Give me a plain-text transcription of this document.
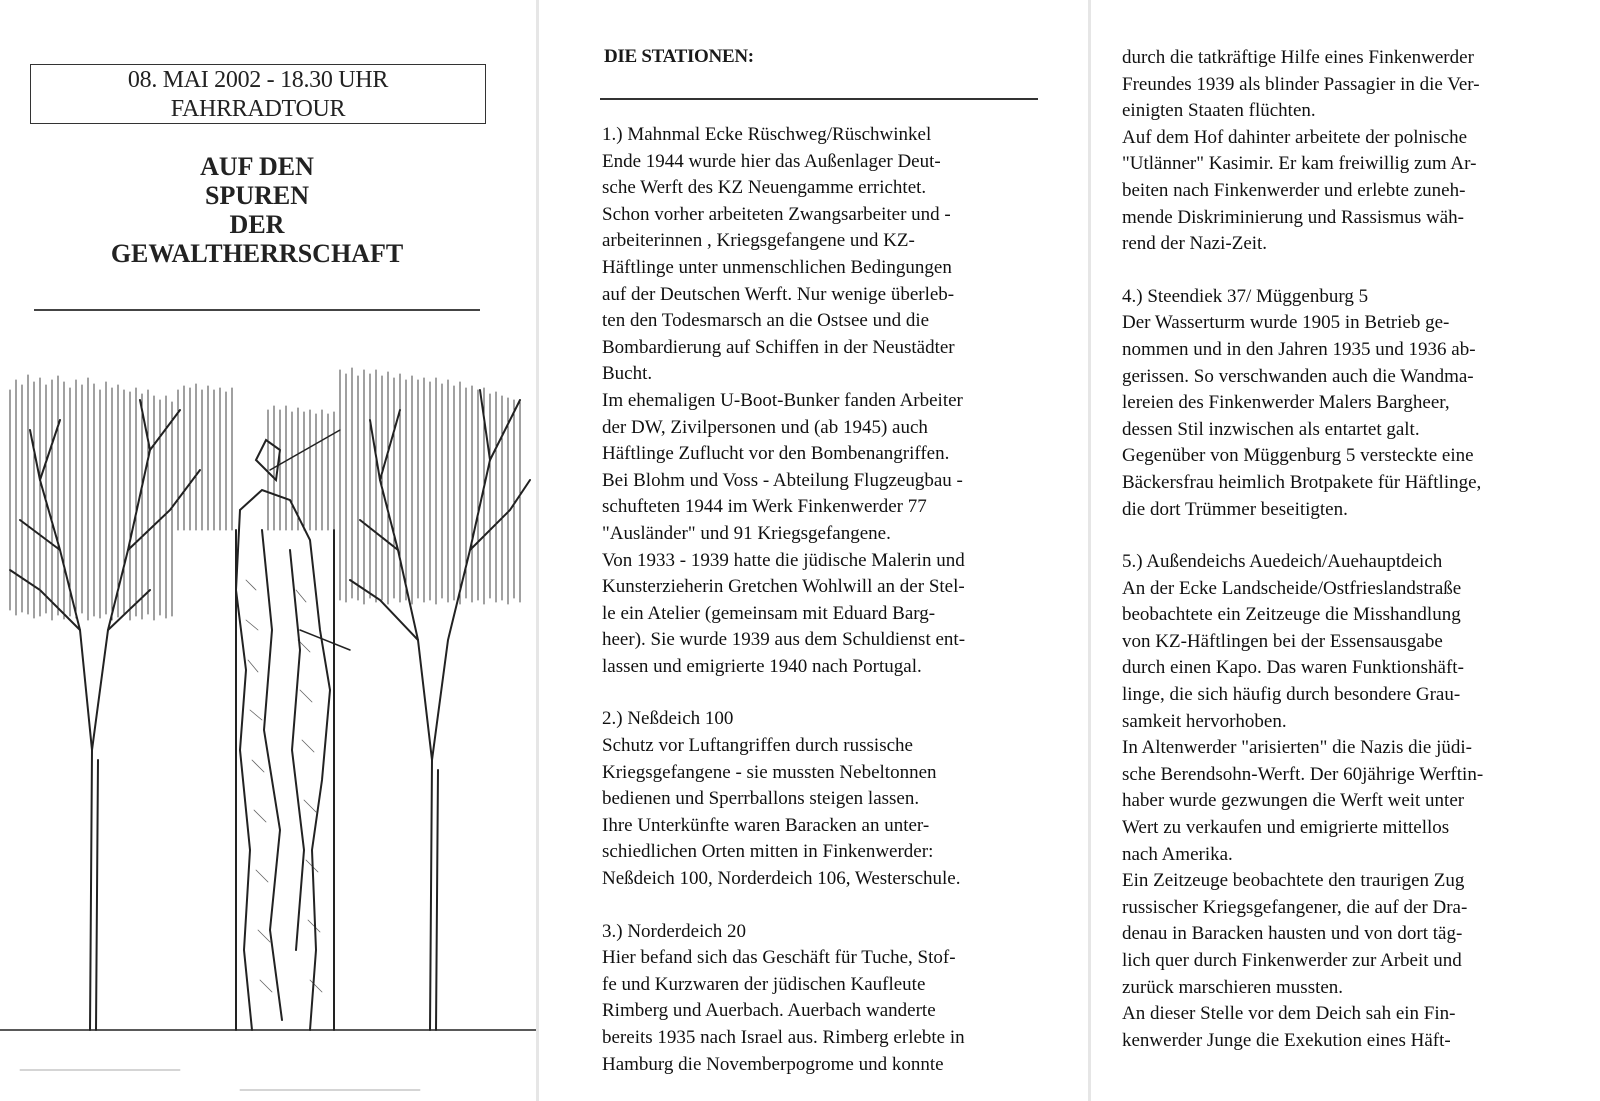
08. MAI 2002 - 18.30 UHR
FAHRRADTOUR
AUF DEN
SPUREN
DER
GEWALTHERRSCHAFT
DIE STATIONEN:

1.) Mahnmal Ecke Rüschweg/Rüschwinkel
Ende 1944 wurde hier das Außenlager Deut-
sche Werft des KZ Neuengamme errichtet.
Schon vorher arbeiteten Zwangsarbeiter und -
arbeiterinnen , Kriegsgefangene und KZ-
Häftlinge unter unmenschlichen Bedingungen
auf der Deutschen Werft. Nur wenige überleb-
ten den Todesmarsch an die Ostsee und die
Bombardierung auf Schiffen in der Neustädter
Bucht.
Im ehemaligen U-Boot-Bunker fanden Arbeiter
der DW, Zivilpersonen und (ab 1945) auch
Häftlinge Zuflucht vor den Bombenangriffen.
Bei Blohm und Voss - Abteilung Flugzeugbau -
schufteten 1944 im Werk Finkenwerder 77
"Ausländer" und 91 Kriegsgefangene.
Von 1933 - 1939 hatte die jüdische Malerin und
Kunsterzieherin Gretchen Wohlwill an der Stel-
le ein Atelier (gemeinsam mit Eduard Barg-
heer). Sie wurde 1939 aus dem Schuldienst ent-
lassen und emigrierte 1940 nach Portugal.

2.) Neßdeich 100
Schutz vor Luftangriffen durch russische
Kriegsgefangene - sie mussten Nebeltonnen
bedienen und Sperrballons steigen lassen.
Ihre Unterkünfte waren Baracken an unter-
schiedlichen Orten mitten in Finkenwerder:
Neßdeich 100, Norderdeich 106, Westerschule.

3.) Norderdeich 20
Hier befand sich das Geschäft für Tuche, Stof-
fe und Kurzwaren der jüdischen Kaufleute
Rimberg und Auerbach. Auerbach wanderte
bereits 1935 nach Israel aus. Rimberg erlebte in
Hamburg die Novemberpogrome und konnte

durch die tatkräftige Hilfe eines Finkenwerder
Freundes 1939 als blinder Passagier in die Ver-
einigten Staaten flüchten.
Auf dem Hof dahinter arbeitete der polnische
"Utlänner" Kasimir. Er kam freiwillig zum Ar-
beiten nach Finkenwerder und erlebte zuneh-
mende Diskriminierung und Rassismus wäh-
rend der Nazi-Zeit.

4.) Steendiek 37/ Müggenburg 5
Der Wasserturm wurde 1905 in Betrieb ge-
nommen und in den Jahren 1935 und 1936 ab-
gerissen. So verschwanden auch die Wandma-
lereien des Finkenwerder Malers Bargheer,
dessen Stil inzwischen als entartet galt.
Gegenüber von Müggenburg 5 versteckte eine
Bäckersfrau heimlich Brotpakete für Häftlinge,
die dort Trümmer beseitigten.

5.) Außendeichs Auedeich/Auehauptdeich
An der Ecke Landscheide/Ostfrieslandstraße
beobachtete ein Zeitzeuge die Misshandlung
von KZ-Häftlingen bei der Essensausgabe
durch einen Kapo. Das waren Funktionshäft-
linge, die sich häufig durch besondere Grau-
samkeit hervorhoben.
In Altenwerder "arisierten" die Nazis die jüdi-
sche Berendsohn-Werft. Der 60jährige Werftin-
haber wurde gezwungen die Werft weit unter
Wert zu verkaufen und emigrierte mittellos
nach Amerika.
Ein Zeitzeuge beobachtete den traurigen Zug
russischer Kriegsgefangener, die auf der Dra-
denau in Baracken hausten und von dort täg-
lich quer durch Finkenwerder zur Arbeit und
zurück marschieren mussten.
An dieser Stelle vor dem Deich sah ein Fin-
kenwerder Junge die Exekution eines Häft-
